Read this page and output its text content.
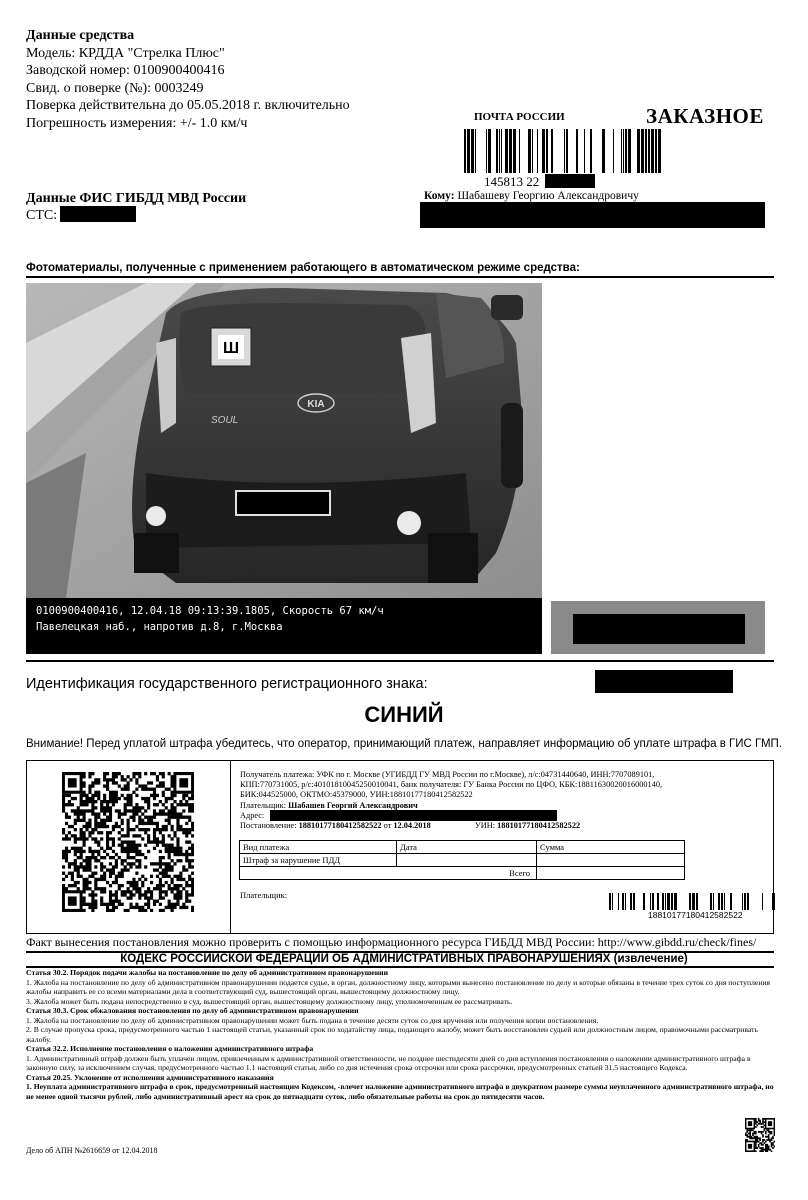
Данные средства
Модель: КРДДА "Стрелка Плюс"
Заводской номер: 0100900400416
Свид. о поверке (№): 0003249
Поверка действительна до 05.05.2018 г. включительно
Погрешность измерения: +/- 1.0 км/ч	ПОЧТА РОССИИ	ЗАКАЗНОЕ
145813 22
Кому: Шабашеву Георгию Александровичу
Данные ФИС ГИБДД МВД России
СТС:
Фотоматериалы, полученные с применением работающего в автоматическом режиме средства:
Ш
KIA
SOUL
0100900400416, 12.04.18 09:13:39.1805, Скорость 67 км/ч
Павелецкая наб., напротив д.8, г.Москва
Идентификация государственного регистрационного знака:
СИНИЙ
Внимание! Перед уплатой штрафа убедитесь, что оператор, принимающий платеж, направляет информацию об уплате штрафа в ГИС ГМП.
Получатель платежа: УФК по г. Москве (УГИБДД ГУ МВД России по г.Москве), л/с:04731440640, ИНН:7707089101,
КПП:770731005, р/с:40101810045250010041, банк получателя: ГУ Банка России по ЦФО, КБК:18811630020016000140,
БИК:044525000, ОКТМО:45379000, УИН:18810177180412582522
Плательщик: Шабашев Георгий Александрович
Адрес:
Постановление: 18810177180412582522 от 12.04.2018	УИН: 18810177180412582522
Вид платежа	Дата	Сумма
Штраф за нарушение ПДД		
Всего		
Плательщик:
18810177180412582522
Факт вынесения постановления можно проверить с помощью информационного ресурса ГИБДД МВД России: http://www.gibdd.ru/check/fines/
КОДЕКС РОССИЙСКОЙ ФЕДЕРАЦИИ ОБ АДМИНИСТРАТИВНЫХ ПРАВОНАРУШЕНИЯХ (извлечение)
Статья 30.2. Порядок подачи жалобы на постановление по делу об административном правонарушении
1. Жалоба на постановление по делу об административном правонарушении подается судье, в орган, должностному лицу, которыми вынесено постановление по делу и которые обязаны в течение трех суток со дня поступления жалобы направить ее со всеми материалами дела в соответствующий суд, вышестоящий орган, вышестоящему должностному лицу.
3. Жалоба может быть подана непосредственно в суд, вышестоящий орган, вышестоящему должностному лицу, уполномоченным ее рассматривать.
Статья 30.3. Срок обжалования постановления по делу об административном правонарушении
1. Жалоба на постановление по делу об административном правонарушении может быть подана в течение десяти суток со дня вручения или получения копии постановления.
2. В случае пропуска срока, предусмотренного частью 1 настоящей статьи, указанный срок по ходатайству лица, подающего жалобу, может быть восстановлен судьей или должностным лицом, правомочными рассматривать жалобу.
Статья 32.2. Исполнение постановления о наложении административного штрафа
1. Административный штраф должен быть уплачен лицом, привлеченным к административной ответственности, не позднее шестидесяти дней со дня вступления постановления о наложении административного штрафа в законную силу, за исключением случая, предусмотренного частью 1.1 настоящей статьи, либо со дня истечения срока отсрочки или срока рассрочки, предусмотренных статьей 31.5 настоящего Кодекса.
Статья 20.25. Уклонение от исполнения административного наказания
1. Неуплата административного штрафа в срок, предусмотренный настоящим Кодексом, -влечет наложение административного штрафа в двукратном размере суммы неуплаченного административного штрафа, но не менее одной тысячи рублей, либо административный арест на срок до пятнадцати суток, либо обязательные работы на срок до пятидесяти часов.
Дело об АПН №2616659 от 12.04.2018
